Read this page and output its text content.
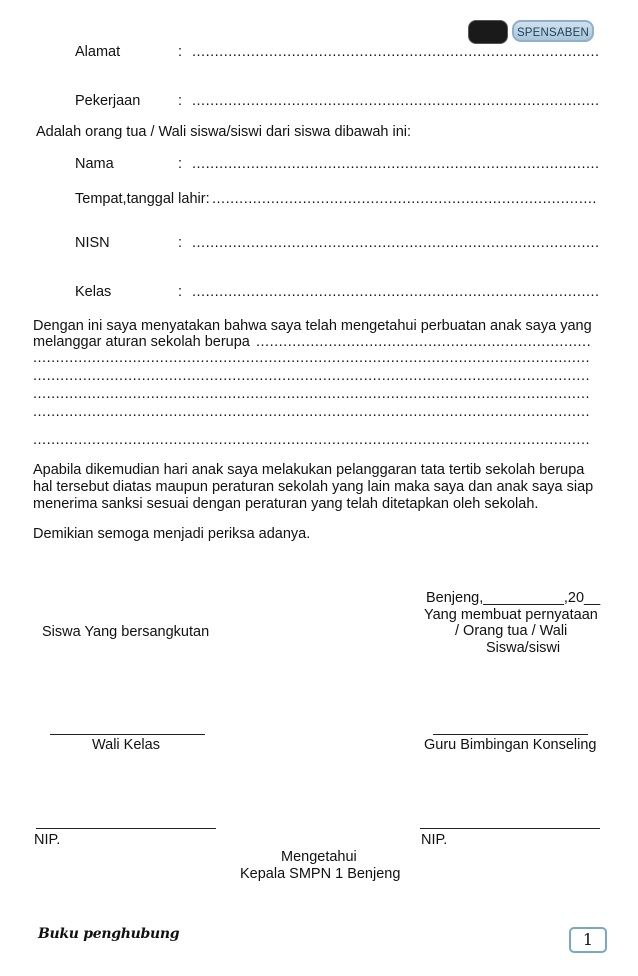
SPENSABEN
Alamat	:
.....
Pekerjaan	:
.....
Adalah orang tua / Wali siswa/siswi dari siswa dibawah ini:
Nama	:
.....
Tempat,tanggal lahir:
.....
NISN	:
.....
Kelas	:
.....
Dengan ini saya menyatakan bahwa saya telah mengetahui perbuatan anak saya yang
melanggar aturan sekolah berupa
.....
.....
.....
.....
.....
.....
Apabila dikemudian hari anak saya melakukan pelanggaran tata tertib sekolah berupa
hal tersebut diatas maupun peraturan sekolah yang lain maka saya dan anak saya siap
menerima sanksi sesuai dengan peraturan yang telah ditetapkan oleh sekolah.
Demikian semoga menjadi periksa adanya.
Benjeng,__________,20__
Yang membuat pernyataan
/ Orang tua / Wali
Siswa/siswi
Siswa Yang bersangkutan
Wali Kelas	Guru Bimbingan Konseling
NIP.	NIP.
Mengetahui
Kepala SMPN 1 Benjeng
Buku penghubung	1
